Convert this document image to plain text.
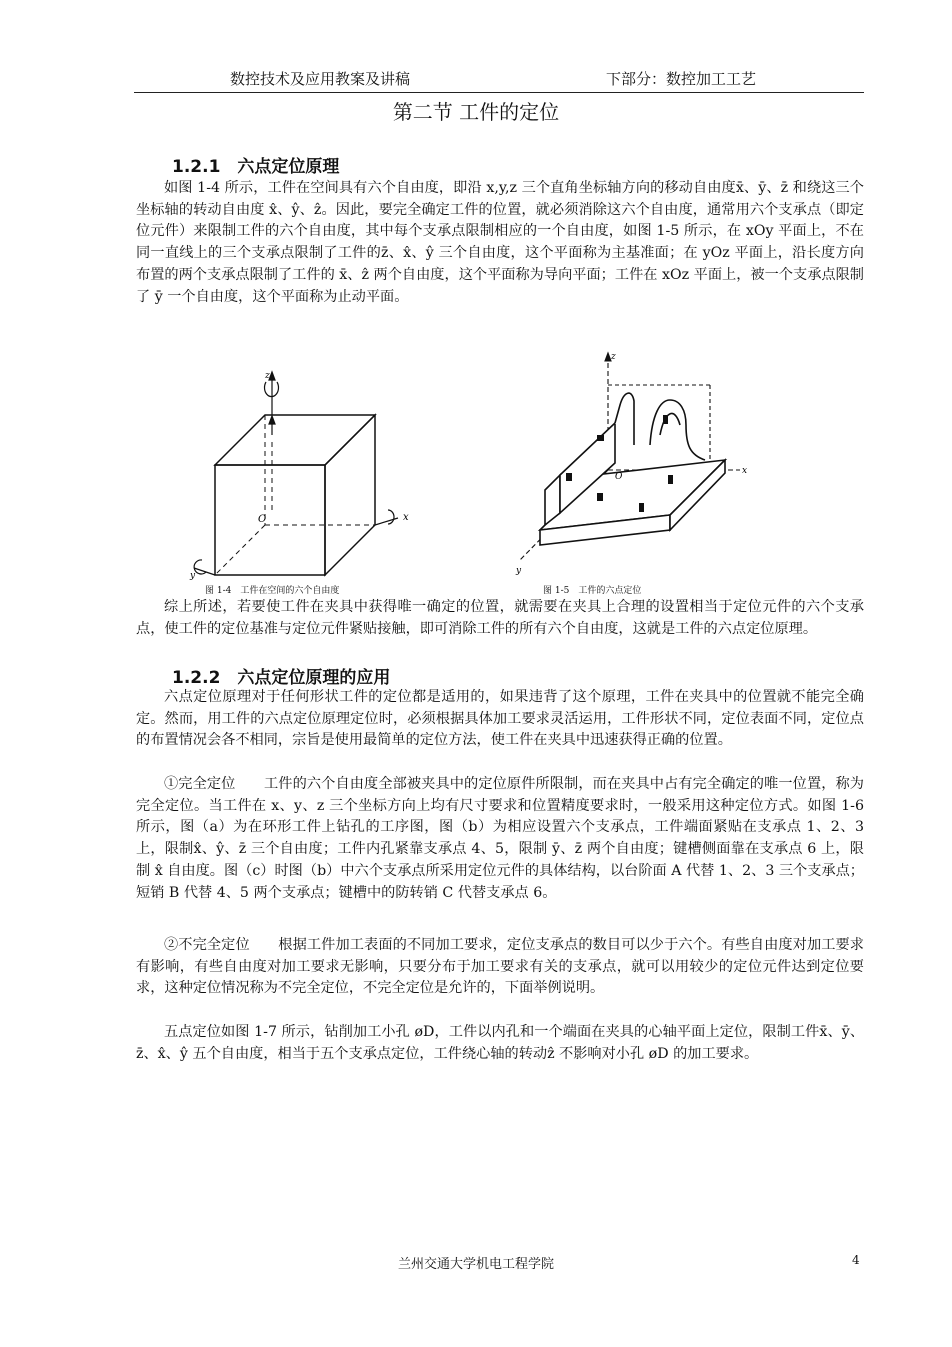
数控技术及应用教案及讲稿	下部分：数控加工工艺
第二节 工件的定位
1.2.1　六点定位原理

如图 1-4 所示，工件在空间具有六个自由度，即沿 x,y,z 三个直角坐标轴方向的移动自由度x̄、ȳ、z̄ 和绕这三个坐标轴的转动自由度 x̂、ŷ、ẑ。因此，要完全确定工件的位置，就必须消除这六个自由度，通常用六个支承点（即定位元件）来限制工件的六个自由度，其中每个支承点限制相应的一个自由度，如图 1-5 所示，在 xOy 平面上，不在同一直线上的三个支承点限制了工件的z̄、x̂、ŷ 三个自由度，这个平面称为主基准面；在 yOz 平面上，沿长度方向布置的两个支承点限制了工件的 x̄、ẑ 两个自由度，这个平面称为导向平面；工件在 xOz 平面上，被一个支承点限制了 ȳ 一个自由度，这个平面称为止动平面。

z
x
y
O
z
x
y
O
图 1-4　工件在空间的六个自由度	图 1-5　工件的六点定位

综上所述，若要使工件在夹具中获得唯一确定的位置，就需要在夹具上合理的设置相当于定位元件的六个支承点，使工件的定位基准与定位元件紧贴接触，即可消除工件的所有六个自由度，这就是工件的六点定位原理。

1.2.2　六点定位原理的应用

六点定位原理对于任何形状工件的定位都是适用的，如果违背了这个原理，工件在夹具中的位置就不能完全确定。然而，用工件的六点定位原理定位时，必须根据具体加工要求灵活运用，工件形状不同，定位表面不同，定位点的布置情况会各不相同，宗旨是使用最简单的定位方法，使工件在夹具中迅速获得正确的位置。

①完全定位　　工件的六个自由度全部被夹具中的定位原件所限制，而在夹具中占有完全确定的唯一位置，称为完全定位。当工件在 x、y、z 三个坐标方向上均有尺寸要求和位置精度要求时，一般采用这种定位方式。如图 1-6 所示，图（a）为在环形工件上钻孔的工序图，图（b）为相应设置六个支承点，工件端面紧贴在支承点 1、2、3 上，限制x̂、ŷ、z̄ 三个自由度；工件内孔紧靠支承点 4、5，限制 ȳ、z̄ 两个自由度；键槽侧面靠在支承点 6 上，限制 x̂ 自由度。图（c）时图（b）中六个支承点所采用定位元件的具体结构，以台阶面 A 代替 1、2、3 三个支承点；短销 B 代替 4、5 两个支承点；键槽中的防转销 C 代替支承点 6。

②不完全定位　　根据工件加工表面的不同加工要求，定位支承点的数目可以少于六个。有些自由度对加工要求有影响，有些自由度对加工要求无影响，只要分布于加工要求有关的支承点，就可以用较少的定位元件达到定位要求，这种定位情况称为不完全定位，不完全定位是允许的，下面举例说明。

五点定位如图 1-7 所示，钻削加工小孔 øD，工件以内孔和一个端面在夹具的心轴平面上定位，限制工件x̄、ȳ、z̄、x̂、ŷ 五个自由度，相当于五个支承点定位，工件绕心轴的转动ẑ 不影响对小孔 øD 的加工要求。

兰州交通大学机电工程学院	4
